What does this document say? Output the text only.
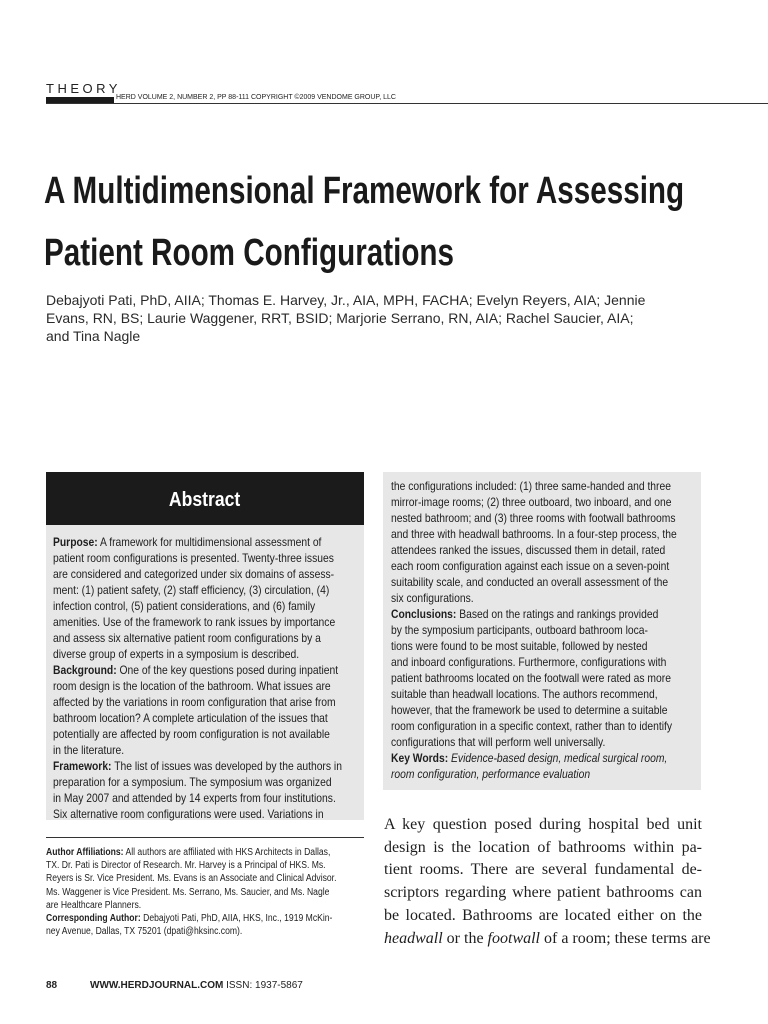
THEORY
HERD VOLUME 2, NUMBER 2, PP 88-111 COPYRIGHT ©2009 VENDOME GROUP, LLC
A Multidimensional Framework for Assessing
Patient Room Configurations
Debajyoti Pati, PhD, AIIA; Thomas E. Harvey, Jr., AIA, MPH, FACHA; Evelyn Reyers, AIA; Jennie
Evans, RN, BS; Laurie Waggener, RRT, BSID; Marjorie Serrano, RN, AIA; Rachel Saucier, AIA;
and Tina Nagle
Abstract
Purpose: A framework for multidimensional assessment of
patient room configurations is presented. Twenty-three issues
are considered and categorized under six domains of assess-
ment: (1) patient safety, (2) staff efficiency, (3) circulation, (4)
infection control, (5) patient considerations, and (6) family
amenities. Use of the framework to rank issues by importance
and assess six alternative patient room configurations by a
diverse group of experts in a symposium is described.
Background: One of the key questions posed during inpatient
room design is the location of the bathroom. What issues are
affected by the variations in room configuration that arise from
bathroom location? A complete articulation of the issues that
potentially are affected by room configuration is not available
in the literature.
Framework: The list of issues was developed by the authors in
preparation for a symposium. The symposium was organized
in May 2007 and attended by 14 experts from four institutions.
Six alternative room configurations were used. Variations in
the configurations included: (1) three same-handed and three
mirror-image rooms; (2) three outboard, two inboard, and one
nested bathroom; and (3) three rooms with footwall bathrooms
and three with headwall bathrooms. In a four-step process, the
attendees ranked the issues, discussed them in detail, rated
each room configuration against each issue on a seven-point
suitability scale, and conducted an overall assessment of the
six configurations.
Conclusions: Based on the ratings and rankings provided
by the symposium participants, outboard bathroom loca-
tions were found to be most suitable, followed by nested
and inboard configurations. Furthermore, configurations with
patient bathrooms located on the footwall were rated as more
suitable than headwall locations. The authors recommend,
however, that the framework be used to determine a suitable
room configuration in a specific context, rather than to identify
configurations that will perform well universally.
Key Words: Evidence-based design, medical surgical room,
room configuration, performance evaluation
Author Affiliations: All authors are affiliated with HKS Architects in Dallas,
TX. Dr. Pati is Director of Research. Mr. Harvey is a Principal of HKS. Ms.
Reyers is Sr. Vice President. Ms. Evans is an Associate and Clinical Advisor.
Ms. Waggener is Vice President. Ms. Serrano, Ms. Saucier, and Ms. Nagle
are Healthcare Planners.
Corresponding Author: Debajyoti Pati, PhD, AIIA, HKS, Inc., 1919 McKin-
ney Avenue, Dallas, TX 75201 (dpati@hksinc.com).
A key question posed during hospital bed unit
design is the location of bathrooms within pa-
tient rooms. There are several fundamental de-
scriptors regarding where patient bathrooms can
be located. Bathrooms are located either on the
headwall or the footwall of a room; these terms are
88	WWW.HERDJOURNAL.COM ISSN: 1937-5867
